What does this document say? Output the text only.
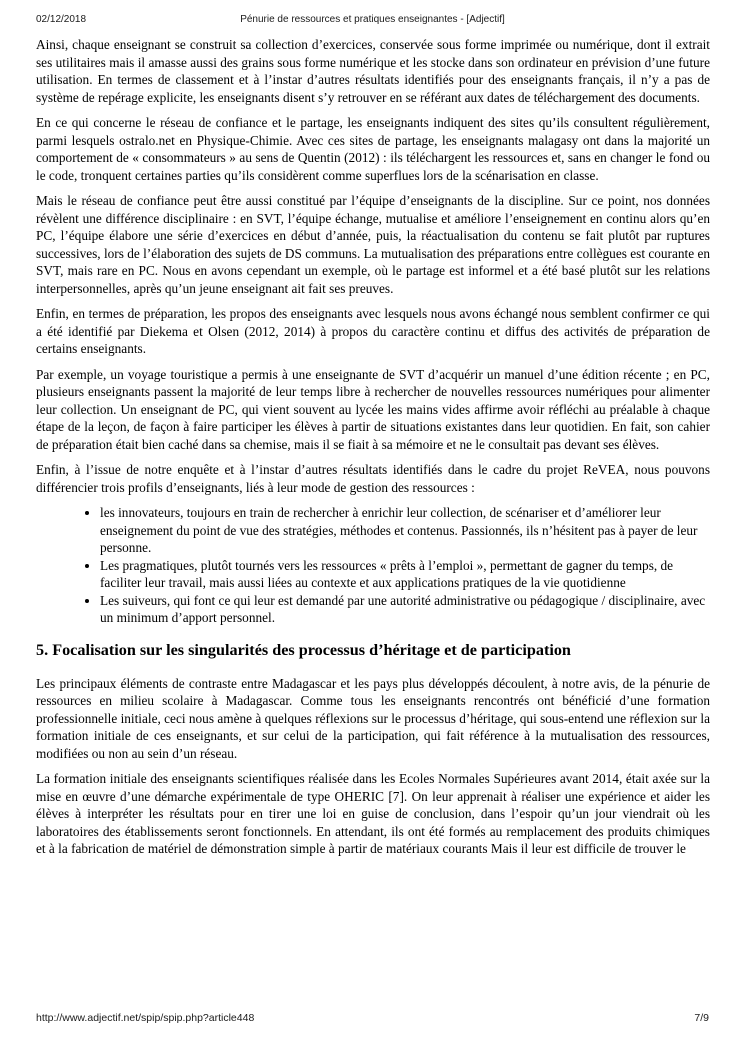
02/12/2018	Pénurie de ressources et pratiques enseignantes - [Adjectif]

Ainsi, chaque enseignant se construit sa collection d’exercices, conservée sous forme imprimée ou numérique, dont il extrait ses utilitaires mais il amasse aussi des grains sous forme numérique et les stocke dans son ordinateur en prévision d’une future utilisation. En termes de classement et à l’instar d’autres résultats identifiés pour des enseignants français, il n’y a pas de système de repérage explicite, les enseignants disent s’y retrouver en se référant aux dates de téléchargement des documents.

En ce qui concerne le réseau de confiance et le partage, les enseignants indiquent des sites qu’ils consultent régulièrement, parmi lesquels ostralo.net en Physique-Chimie. Avec ces sites de partage, les enseignants malagasy ont dans la majorité un comportement de « consommateurs » au sens de Quentin (2012) : ils téléchargent les ressources et, sans en changer le fond ou le code, tronquent certaines parties qu’ils considèrent comme superflues lors de la scénarisation en classe.

Mais le réseau de confiance peut être aussi constitué par l’équipe d’enseignants de la discipline. Sur ce point, nos données révèlent une différence disciplinaire : en SVT, l’équipe échange, mutualise et améliore l’enseignement en continu alors qu’en PC, l’équipe élabore une série d’exercices en début d’année, puis, la réactualisation du contenu se fait plutôt par ruptures successives, lors de l’élaboration des sujets de DS communs. La mutualisation des préparations entre collègues est courante en SVT, mais rare en PC. Nous en avons cependant un exemple, où le partage est informel et a été basé plutôt sur les relations interpersonnelles, après qu’un jeune enseignant ait fait ses preuves.

Enfin, en termes de préparation, les propos des enseignants avec lesquels nous avons échangé nous semblent confirmer ce qui a été identifié par Diekema et Olsen (2012, 2014) à propos du caractère continu et diffus des activités de préparation de certains enseignants.

Par exemple, un voyage touristique a permis à une enseignante de SVT d’acquérir un manuel d’une édition récente ; en PC, plusieurs enseignants passent la majorité de leur temps libre à rechercher de nouvelles ressources numériques pour alimenter leur collection. Un enseignant de PC, qui vient souvent au lycée les mains vides affirme avoir réfléchi au préalable à chaque étape de la leçon, de façon à faire participer les élèves à partir de situations existantes dans leur quotidien. En fait, son cahier de préparation était bien caché dans sa chemise, mais il se fiait à sa mémoire et ne le consultait pas devant ses élèves.

Enfin, à l’issue de notre enquête et à l’instar d’autres résultats identifiés dans le cadre du projet ReVEA, nous pouvons différencier trois profils d’enseignants, liés à leur mode de gestion des ressources :

• les innovateurs, toujours en train de rechercher à enrichir leur collection, de scénariser et d’améliorer leur enseignement du point de vue des stratégies, méthodes et contenus. Passionnés, ils n’hésitent pas à payer de leur personne.
• Les pragmatiques, plutôt tournés vers les ressources « prêts à l’emploi », permettant de gagner du temps, de faciliter leur travail, mais aussi liées au contexte et aux applications pratiques de la vie quotidienne
• Les suiveurs, qui font ce qui leur est demandé par une autorité administrative ou pédagogique / disciplinaire, avec un minimum d’apport personnel.
5. Focalisation sur les singularités des processus d’héritage et de participation

Les principaux éléments de contraste entre Madagascar et les pays plus développés découlent, à notre avis, de la pénurie de ressources en milieu scolaire à Madagascar. Comme tous les enseignants rencontrés ont bénéficié d’une formation professionnelle initiale, ceci nous amène à quelques réflexions sur le processus d’héritage, qui sous-entend une réflexion sur la formation initiale de ces enseignants, et sur celui de la participation, qui fait référence à la mutualisation des ressources, modifiées ou non au sein d’un réseau.

La formation initiale des enseignants scientifiques réalisée dans les Ecoles Normales Supérieures avant 2014, était axée sur la mise en œuvre d’une démarche expérimentale de type OHERIC [7]. On leur apprenait à réaliser une expérience et aider les élèves à interpréter les résultats pour en tirer une loi en guise de conclusion, dans l’espoir qu’un jour viendrait où les laboratoires des établissements seront fonctionnels. En attendant, ils ont été formés au remplacement des produits chimiques et à la fabrication de matériel de démonstration simple à partir de matériaux courants Mais il leur est difficile de trouver le

http://www.adjectif.net/spip/spip.php?article448	7/9
